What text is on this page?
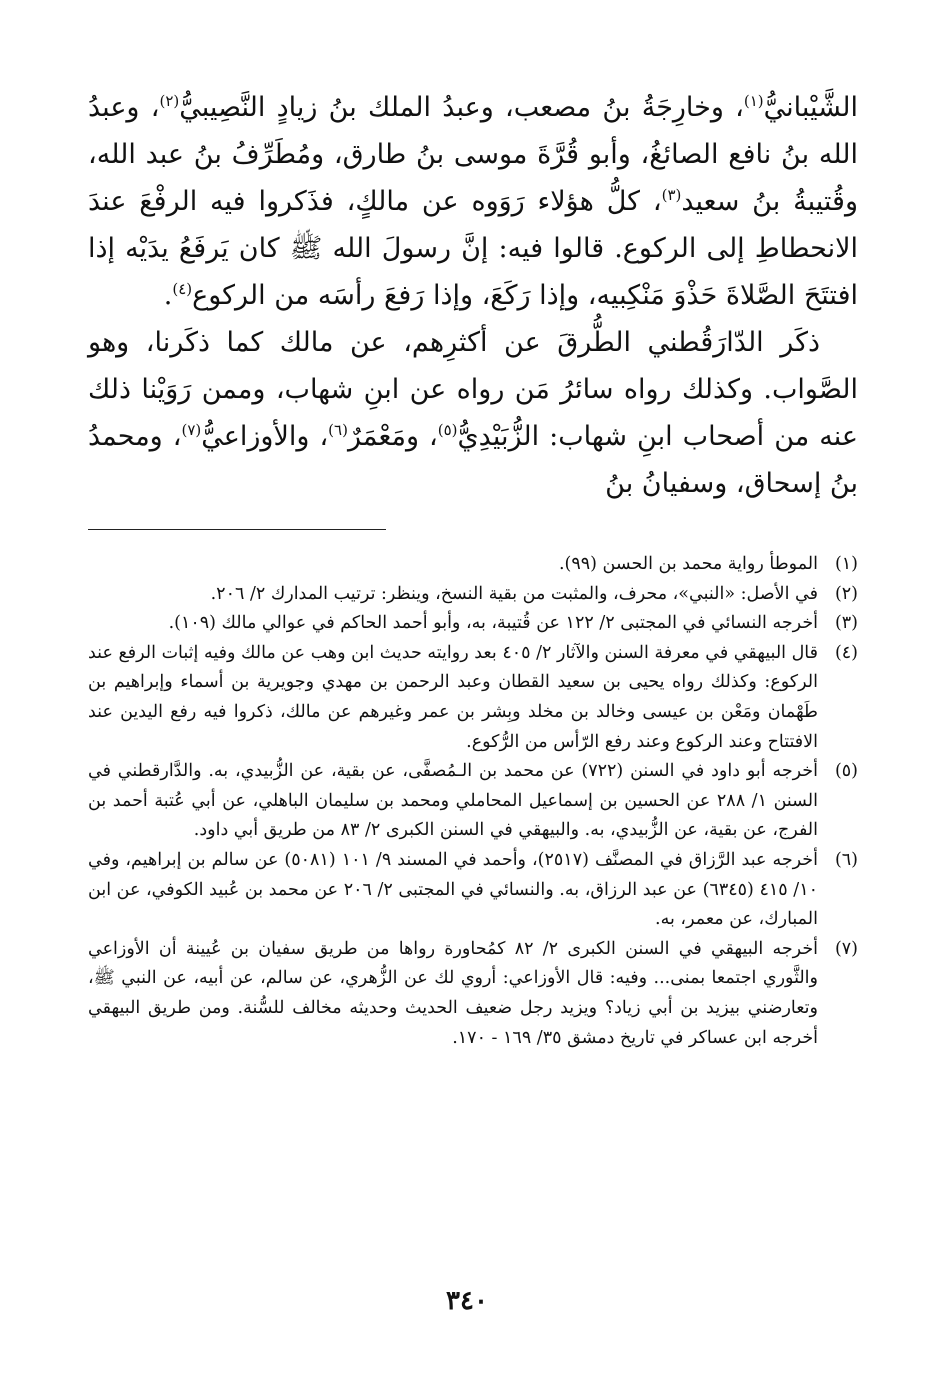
الشَّيْبانيُّ$^{(١)}$، وخارِجَةُ بنُ مصعب، وعبدُ الملك بنُ زيادٍ النَّصِيبيُّ$^{(٢)}$، وعبدُ الله بنُ نافع الصائغُ، وأبو قُرَّةَ موسى بنُ طارق، ومُطَرِّفُ بنُ عبد الله، وقُتيبةُ بنُ سعيد$^{(٣)}$، كلُّ هؤلاء رَوَوه عن مالكٍ، فذَكروا فيه الرفْعَ عندَ الانحطاطِ إلى الركوع. قالوا فيه: إنَّ رسولَ الله ﷺ كان يَرفَعُ يدَيْه إذا افتتَحَ الصَّلاةَ حَذْوَ مَنْكِبيه، وإذا رَكَعَ، وإذا رَفعَ رأسَه من الركوع$^{(٤)}$.

ذكَر الدّارَقُطني الطُّرقَ عن أكثرِهم، عن مالك كما ذكَرنا، وهو الصَّواب. وكذلك رواه سائرُ مَن رواه عن ابنِ شهاب، وممن رَوَيْنا ذلك عنه من أصحاب ابنِ شهاب: الزُّبَيْدِيُّ$^{(٥)}$، ومَعْمَرٌ$^{(٦)}$، والأوزاعيُّ$^{(٧)}$، ومحمدُ بنُ إسحاق، وسفيانُ بنُ

(١)
الموطأ رواية محمد بن الحسن (٩٩).
(٢)
في الأصل: «النبي»، محرف، والمثبت من بقية النسخ، وينظر: ترتيب المدارك ٢/ ٢٠٦.
(٣)
أخرجه النسائي في المجتبى ٢/ ١٢٢ عن قُتيبة، به، وأبو أحمد الحاكم في عوالي مالك (١٠٩).
(٤)
قال البيهقي في معرفة السنن والآثار ٢/ ٤٠٥ بعد روايته حديث ابن وهب عن مالك وفيه إثبات الرفع عند الركوع: وكذلك رواه يحيى بن سعيد القطان وعبد الرحمن بن مهدي وجويرية بن أسماء وإبراهيم بن طَهْمان ومَعْن بن عيسى وخالد بن مخلد وبِشر بن عمر وغيرهم عن مالك، ذكروا فيه رفع اليدين عند الافتتاح وعند الركوع وعند رفع الرّأس من الرُّكوع.
(٥)
أخرجه أبو داود في السنن (٧٢٢) عن محمد بن الـمُصفَّى، عن بقية، عن الزُّبيدي، به. والدَّارقطني في السنن ١/ ٢٨٨ عن الحسين بن إسماعيل المحاملي ومحمد بن سليمان الباهلي، عن أبي عُتبة أحمد بن الفرج، عن بقية، عن الزُّبيدي، به. والبيهقي في السنن الكبرى ٢/ ٨٣ من طريق أبي داود.
(٦)
أخرجه عبد الرَّزاق في المصنَّف (٢٥١٧)، وأحمد في المسند ٩/ ١٠١ (٥٠٨١) عن سالم بن إبراهيم، وفي ١٠/ ٤١٥ (٦٣٤٥) عن عبد الرزاق، به. والنسائي في المجتبى ٢/ ٢٠٦ عن محمد بن عُبيد الكوفي، عن ابن المبارك، عن معمر، به.
(٧)
أخرجه البيهقي في السنن الكبرى ٢/ ٨٢ كمُحاورة رواها من طريق سفيان بن عُيينة أن الأوزاعي والثَّوري اجتمعا بمنى... وفيه: قال الأوزاعي: أروي لك عن الزُّهري، عن سالم، عن أبيه، عن النبي ﷺ، وتعارضني بيزيد بن أبي زياد؟ ويزيد رجل ضعيف الحديث وحديثه مخالف للسُّنة. ومن طريق البيهقي أخرجه ابن عساكر في تاريخ دمشق ٣٥/ ١٦٩ - ١٧٠.
٣٤٠
